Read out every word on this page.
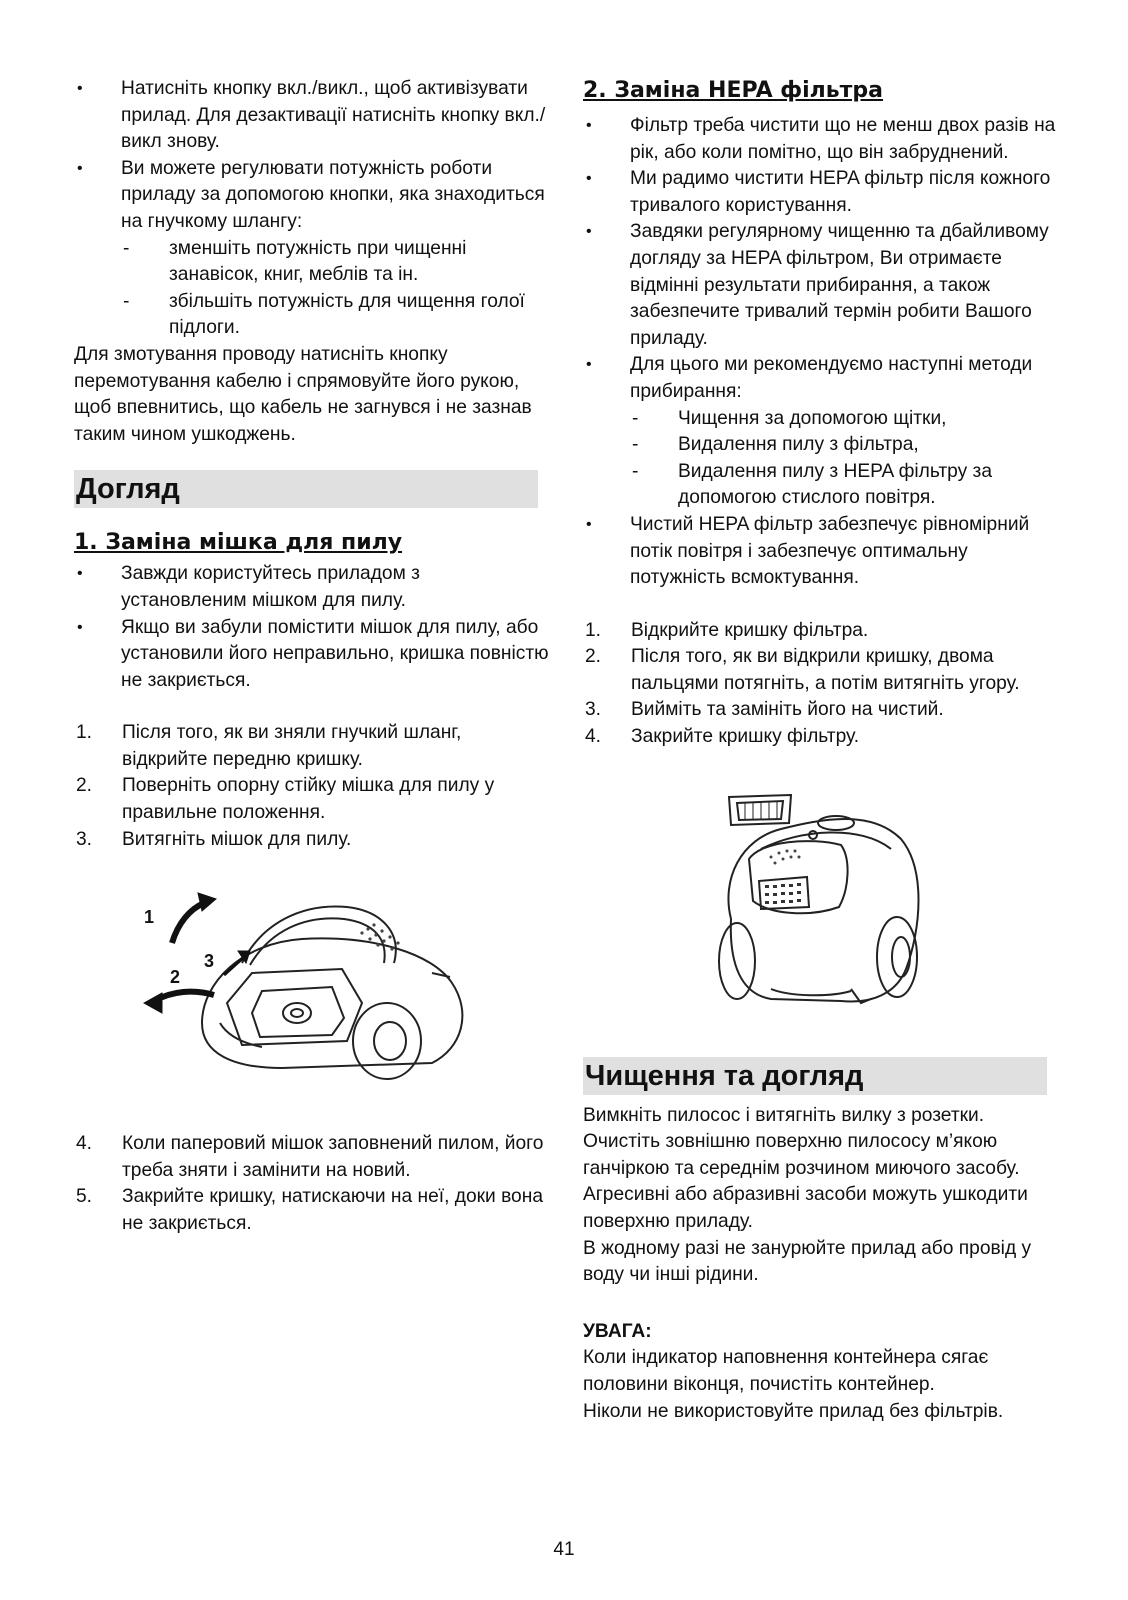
• Натисніть кнопку вкл./викл., щоб активізувати прилад. Для дезактивації натисніть кнопку вкл./викл знову.
• Ви можете регулювати потужність роботи приладу за допомогою кнопки, яка знаходиться на гнучкому шлангу:
- зменшіть потужність при чищенні занавісок, книг, меблів та ін.
- збільшіть потужність для чищення голої підлоги.

Для змотування проводу натисніть кнопку перемотування кабелю і спрямовуйте його рукою, щоб впевнитись, що кабель не загнувся і не зазнав таким чином ушкоджень.

Догляд
1. Заміна мішка для пилу
• Завжди користуйтесь приладом з установленим мішком для пилу.
• Якщо ви забули помістити мішок для пилу, або установили його неправильно, кришка повністю не закриється.
1. Після того, як ви зняли гнучкий шланг, відкрийте передню кришку.
2. Поверніть опорну стійку мішка для пилу у правильне положення.
3. Витягніть мішок для пилу.
1
2
3
4. Коли паперовий мішок заповнений пилом, його треба зняти і замінити на новий.
5. Закрийте кришку, натискаючи на неї, доки вона не закриється.
2. Заміна HEPA фільтра
• Фільтр треба чистити що не менш двох разів на рік, або коли помітно, що він забруднений.
• Ми радимо чистити HEPA фільтр після кожного тривалого користування.
• Завдяки регулярному чищенню та дбайливому догляду за HEPA фільтром, Ви отримаєте відмінні результати прибирання, а також забезпечите тривалий термін робити Вашого приладу.
• Для цього ми рекомендуємо наступні методи прибирання:
- Чищення за допомогою щітки,
- Видалення пилу з фільтра,
- Видалення пилу з HEPA фільтру за допомогою стислого повітря.
• Чистий HEPA фільтр забезпечує рівномірний потік повітря і забезпечує оптимальну потужність всмоктування.
1. Відкрийте кришку фільтра.
2. Після того, як ви відкрили кришку, двома пальцями потягніть, а потім витягніть угору.
3. Вийміть та замініть його на чистий.
4. Закрийте кришку фільтру.
Чищення та догляд

Вимкніть пилосос і витягніть вилку з розетки. Очистіть зовнішню поверхню пилососу м’якою ганчіркою та середнім розчином миючого засобу. Агресивні або абразивні засоби можуть ушкодити поверхню приладу.

В жодному разі не занурюйте прилад або провід у воду чи інші рідини.

УВАГА:

Коли індикатор наповнення контейнера сягає половини віконця, почистіть контейнер.

Ніколи не використовуйте прилад без фільтрів.

41
